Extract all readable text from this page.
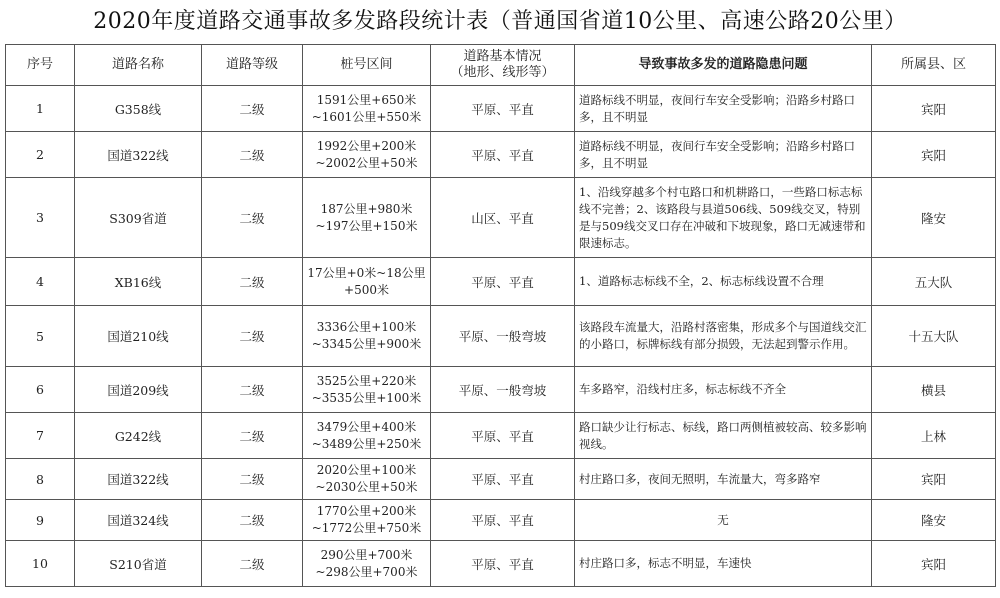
2020年度道路交通事故多发路段统计表（普通国省道10公里、高速公路20公里）
序号	道路名称	道路等级	桩号区间	道路基本情况
（地形、线形等）	导致事故多发的道路隐患问题	所属县、区
1	G358线	二级	1591公里+650米
~1601公里+550米	平原、平直	道路标线不明显，夜间行车安全受影响；沿路乡村路口多，且不明显	宾阳
2	国道322线	二级	1992公里+200米
~2002公里+50米	平原、平直	道路标线不明显，夜间行车安全受影响；沿路乡村路口多，且不明显	宾阳
3	S309省道	二级	187公里+980米
~197公里+150米	山区、平直	1、沿线穿越多个村屯路口和机耕路口，一些路口标志标线不完善；2、该路段与县道506线、509线交叉，特别是与509线交叉口存在冲破和下坡现象，路口无减速带和限速标志。	隆安
4	XB16线	二级	17公里+0米~18公里+500米	平原、平直	1、道路标志标线不全，2、标志标线设置不合理	五大队
5	国道210线	二级	3336公里+100米
~3345公里+900米	平原、一般弯坡	该路段车流量大，沿路村落密集，形成多个与国道线交汇的小路口，标牌标线有部分损毁，无法起到警示作用。	十五大队
6	国道209线	二级	3525公里+220米
~3535公里+100米	平原、一般弯坡	车多路窄，沿线村庄多，标志标线不齐全	横县
7	G242线	二级	3479公里+400米
~3489公里+250米	平原、平直	路口缺少让行标志、标线，路口两侧植被较高、较多影响视线。	上林
8	国道322线	二级	2020公里+100米
~2030公里+50米	平原、平直	村庄路口多，夜间无照明，车流量大，弯多路窄	宾阳
9	国道324线	二级	1770公里+200米
~1772公里+750米	平原、平直	无	隆安
10	S210省道	二级	290公里+700米
~298公里+700米	平原、平直	村庄路口多，标志不明显，车速快	宾阳
